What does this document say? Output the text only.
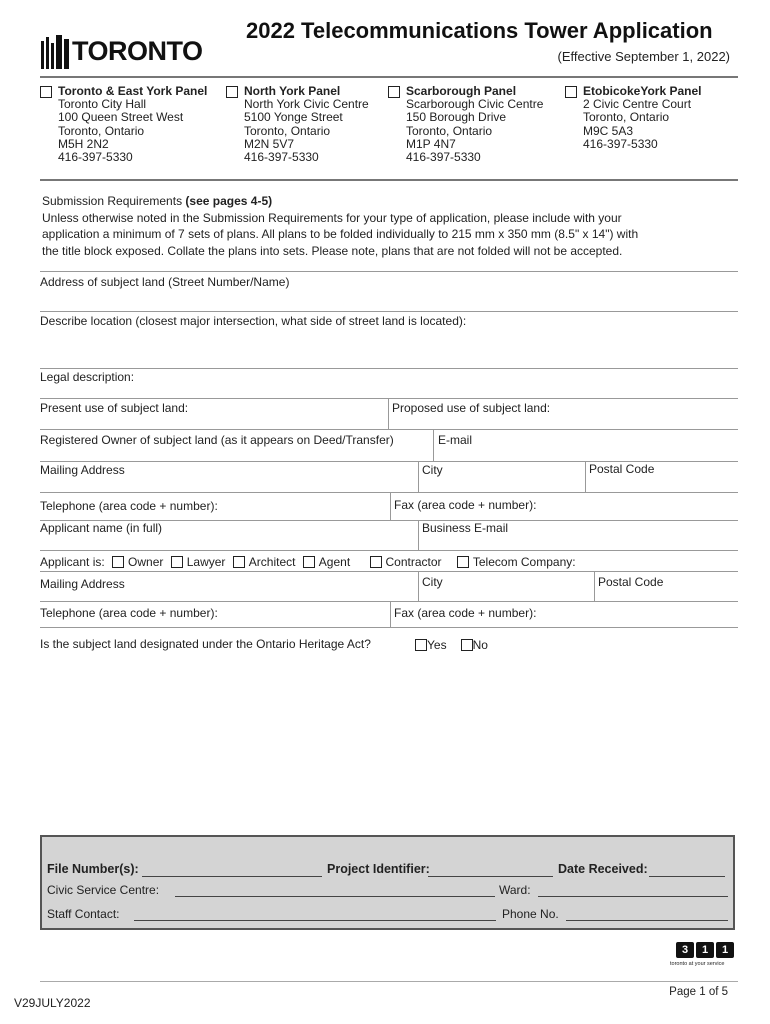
TORONTO
2022 Telecommunications Tower Application
(Effective September 1, 2022)
Toronto & East York Panel
Toronto City Hall
100 Queen Street West
Toronto, Ontario
M5H 2N2
416-397-5330
North York Panel
North York Civic Centre
5100 Yonge Street
Toronto, Ontario
M2N 5V7
416-397-5330
Scarborough Panel
Scarborough Civic Centre
150 Borough Drive
Toronto, Ontario
M1P 4N7
416-397-5330
EtobicokeYork Panel
2 Civic Centre Court
Toronto, Ontario
M9C 5A3
416-397-5330
Submission Requirements (see pages 4-5)
Unless otherwise noted in the Submission Requirements for your type of application, please include with your
application a minimum of 7 sets of plans. All plans to be folded individually to 215 mm x 350 mm (8.5" x 14") with
the title block exposed. Collate the plans into sets. Please note, plans that are not folded will not be accepted.
Address of subject land (Street Number/Name)
Describe location (closest major intersection, what side of street land is located):
Legal description:
Present use of subject land:	Proposed use of subject land:
Registered Owner of subject land (as it appears on Deed/Transfer)	E-mail
Mailing Address	City	Postal Code
Telephone (area code + number):	Fax (area code + number):
Applicant name (in full)	Business E-mail
Applicant is: Owner Lawyer Architect Agent	Contractor	Telecom Company:
Mailing Address	City	Postal Code
Telephone (area code + number):	Fax (area code + number):
Is the subject land designated under the Ontario Heritage Act?	Yes No
File Number(s):	Project Identifier:	Date Received:
Civic Service Centre:	Ward:
Staff Contact:	Phone No.
3	1	1
toronto at your service
Page 1 of 5
V29JULY2022
